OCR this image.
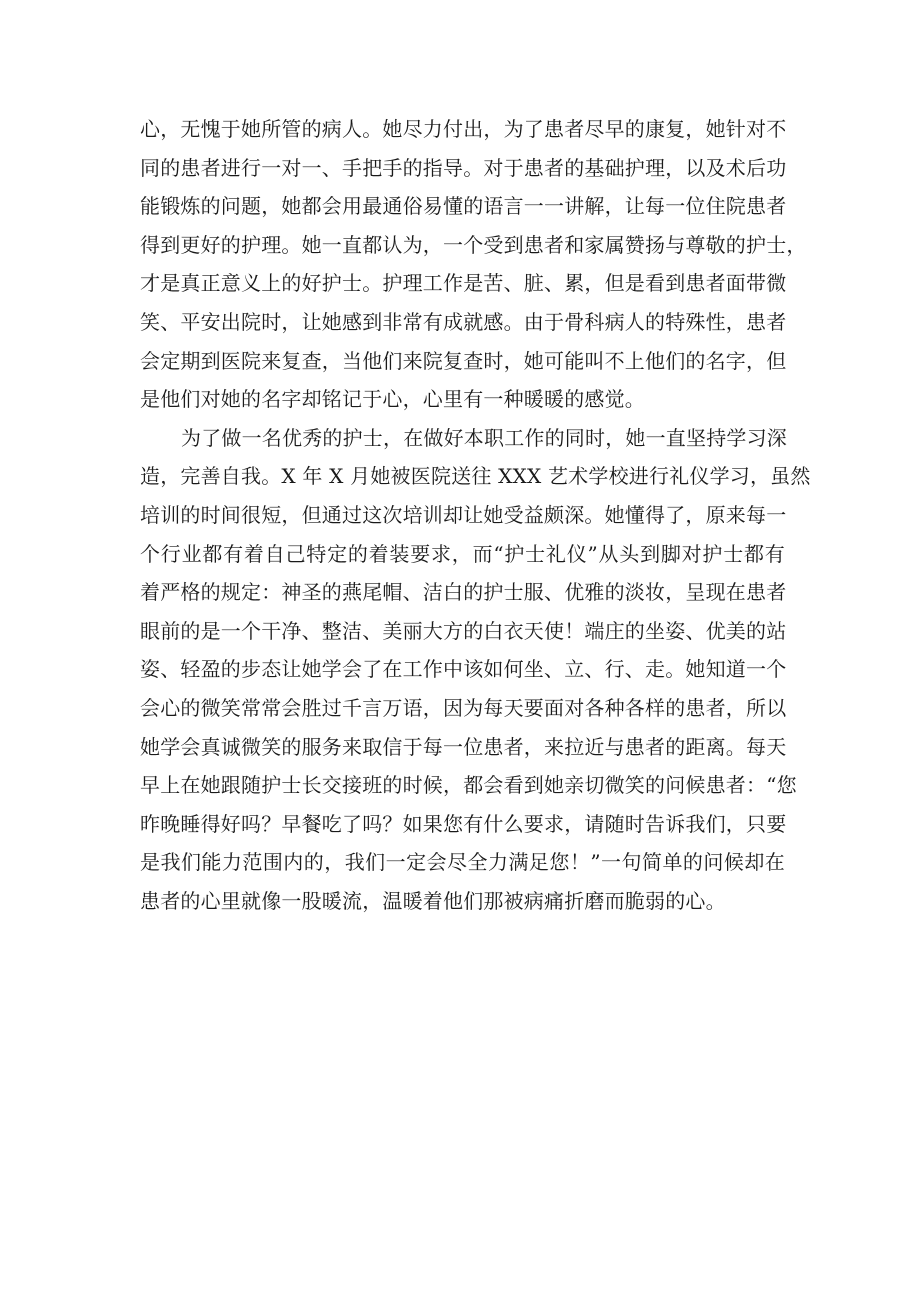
心，无愧于她所管的病人。她尽力付出，为了患者尽早的康复，她针对不
同的患者进行一对一、手把手的指导。对于患者的基础护理，以及术后功
能锻炼的问题，她都会用最通俗易懂的语言一一讲解，让每一位住院患者
得到更好的护理。她一直都认为，一个受到患者和家属赞扬与尊敬的护士，
才是真正意义上的好护士。护理工作是苦、脏、累，但是看到患者面带微
笑、平安出院时，让她感到非常有成就感。由于骨科病人的特殊性，患者
会定期到医院来复查，当他们来院复查时，她可能叫不上他们的名字，但
是他们对她的名字却铭记于心，心里有一种暖暖的感觉。
为了做一名优秀的护士，在做好本职工作的同时，她一直坚持学习深
造，完善自我。X 年 X 月她被医院送往 XXX 艺术学校进行礼仪学习，虽然
培训的时间很短，但通过这次培训却让她受益颇深。她懂得了，原来每一
个行业都有着自己特定的着装要求，而“护士礼仪”从头到脚对护士都有
着严格的规定：神圣的燕尾帽、洁白的护士服、优雅的淡妆，呈现在患者
眼前的是一个干净、整洁、美丽大方的白衣天使！端庄的坐姿、优美的站
姿、轻盈的步态让她学会了在工作中该如何坐、立、行、走。她知道一个
会心的微笑常常会胜过千言万语，因为每天要面对各种各样的患者，所以
她学会真诚微笑的服务来取信于每一位患者，来拉近与患者的距离。每天
早上在她跟随护士长交接班的时候，都会看到她亲切微笑的问候患者：“您
昨晚睡得好吗？早餐吃了吗？如果您有什么要求，请随时告诉我们，只要
是我们能力范围内的，我们一定会尽全力满足您！”一句简单的问候却在
患者的心里就像一股暖流，温暖着他们那被病痛折磨而脆弱的心。
